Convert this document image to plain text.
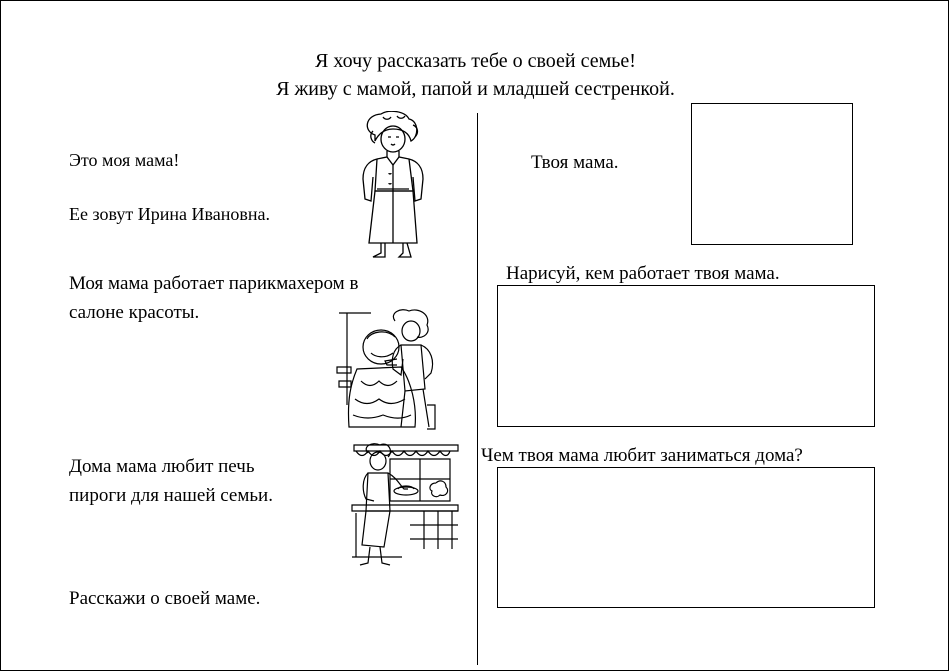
Я хочу рассказать тебе о своей семье!
Я живу с мамой, папой и младшей сестренкой.
Это моя мама!
Ее зовут Ирина Ивановна.
Моя мама работает парикмахером в
салоне красоты.
Дома мама любит печь
пироги для нашей семьи.
Расскажи о своей маме.
Твоя мама.
Нарисуй, кем работает твоя мама.
Чем твоя мама любит заниматься дома?
